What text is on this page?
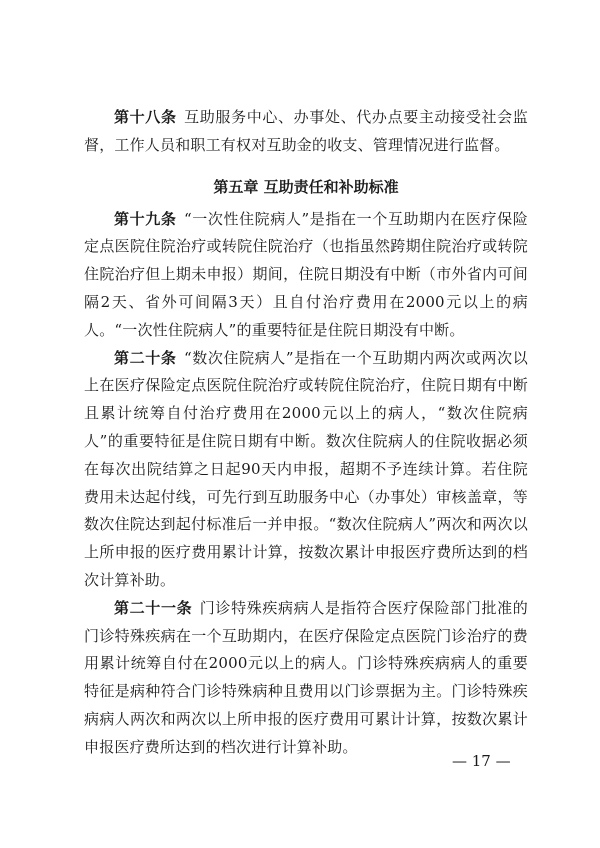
第十八条 互助服务中心、办事处、代办点要主动接受社会监督，工作人员和职工有权对互助金的收支、管理情况进行监督。

第五章 互助责任和补助标准

第十九条 “一次性住院病人”是指在一个互助期内在医疗保险定点医院住院治疗或转院住院治疗（也指虽然跨期住院治疗或转院住院治疗但上期未申报）期间，住院日期没有中断（市外省内可间隔2天、省外可间隔3天）且自付治疗费用在2000元以上的病人。“一次性住院病人”的重要特征是住院日期没有中断。

第二十条 “数次住院病人”是指在一个互助期内两次或两次以上在医疗保险定点医院住院治疗或转院住院治疗，住院日期有中断且累计统筹自付治疗费用在2000元以上的病人，“数次住院病人”的重要特征是住院日期有中断。数次住院病人的住院收据必须在每次出院结算之日起90天内申报，超期不予连续计算。若住院费用未达起付线，可先行到互助服务中心（办事处）审核盖章，等数次住院达到起付标准后一并申报。“数次住院病人”两次和两次以上所申报的医疗费用累计计算，按数次累计申报医疗费所达到的档次计算补助。

第二十一条 门诊特殊疾病病人是指符合医疗保险部门批准的门诊特殊疾病在一个互助期内，在医疗保险定点医院门诊治疗的费用累计统筹自付在2000元以上的病人。门诊特殊疾病病人的重要特征是病种符合门诊特殊病种且费用以门诊票据为主。门诊特殊疾病病人两次和两次以上所申报的医疗费用可累计计算，按数次累计申报医疗费所达到的档次进行计算补助。

— 17 —
